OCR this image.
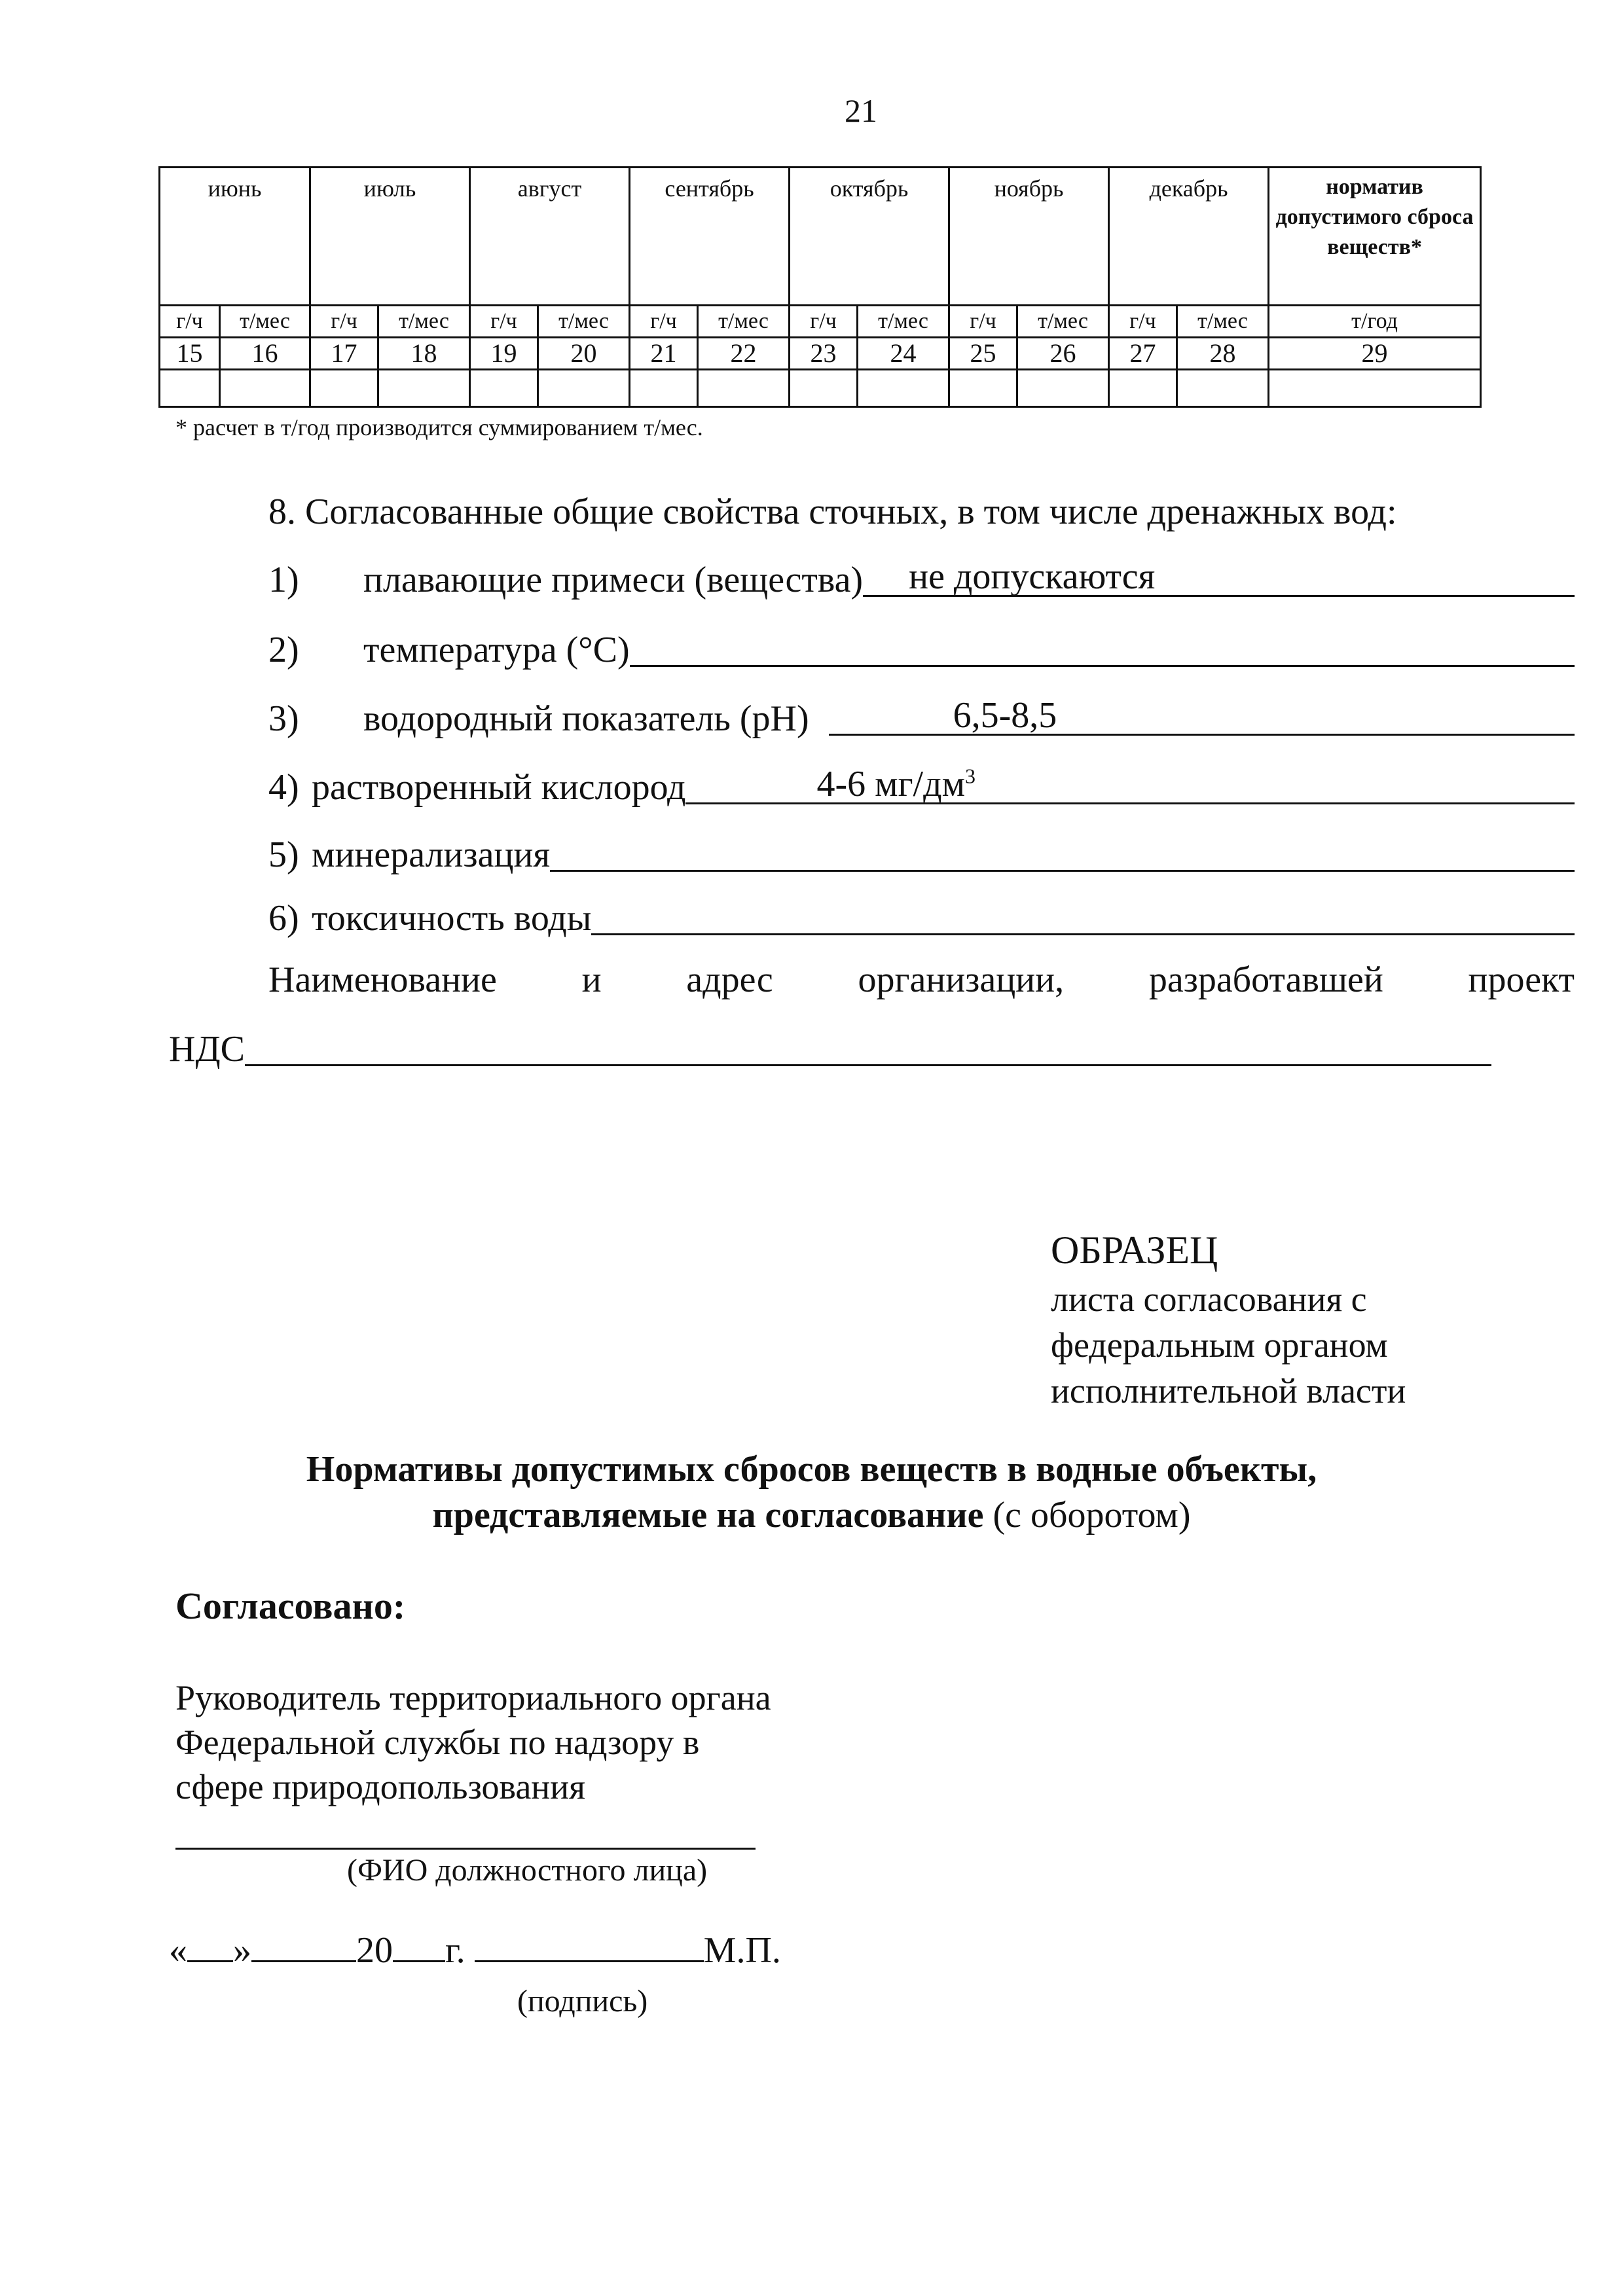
21
июнь		июль		август		сентябрь		октябрь		ноябрь		декабрь		норматив допустимого сброса веществ*
г/ч	т/мес	г/ч	т/мес	г/ч	т/мес	г/ч	т/мес	г/ч	т/мес	г/ч	т/мес	г/ч	т/мес	т/год
15	16	17	18	19	20	21	22	23	24	25	26	27	28	29

* расчет в т/год производится суммированием т/мес.
8. Согласованные общие свойства сточных, в том числе дренажных вод:
1)	плавающие примеси (вещества) не допускаются
2)	температура (°С)
3)	водородный показатель (pH)	6,5-8,5
4) растворенный кислород	4-6 $мг/дм^3$
5) минерализация
6) токсичность воды
Наименование и адрес организации, разработавшей проект
НДС
ОБРАЗЕЦ
листа согласования с
федеральным органом
исполнительной власти
Нормативы допустимых сбросов веществ в водные объекты,
представляемые на согласование (с оборотом)
Согласовано:
Руководитель территориального органа
Федеральной службы по надзору в
сфере природопользования
(ФИО должностного лица)
« »	20 г.	М.П.
(подпись)
